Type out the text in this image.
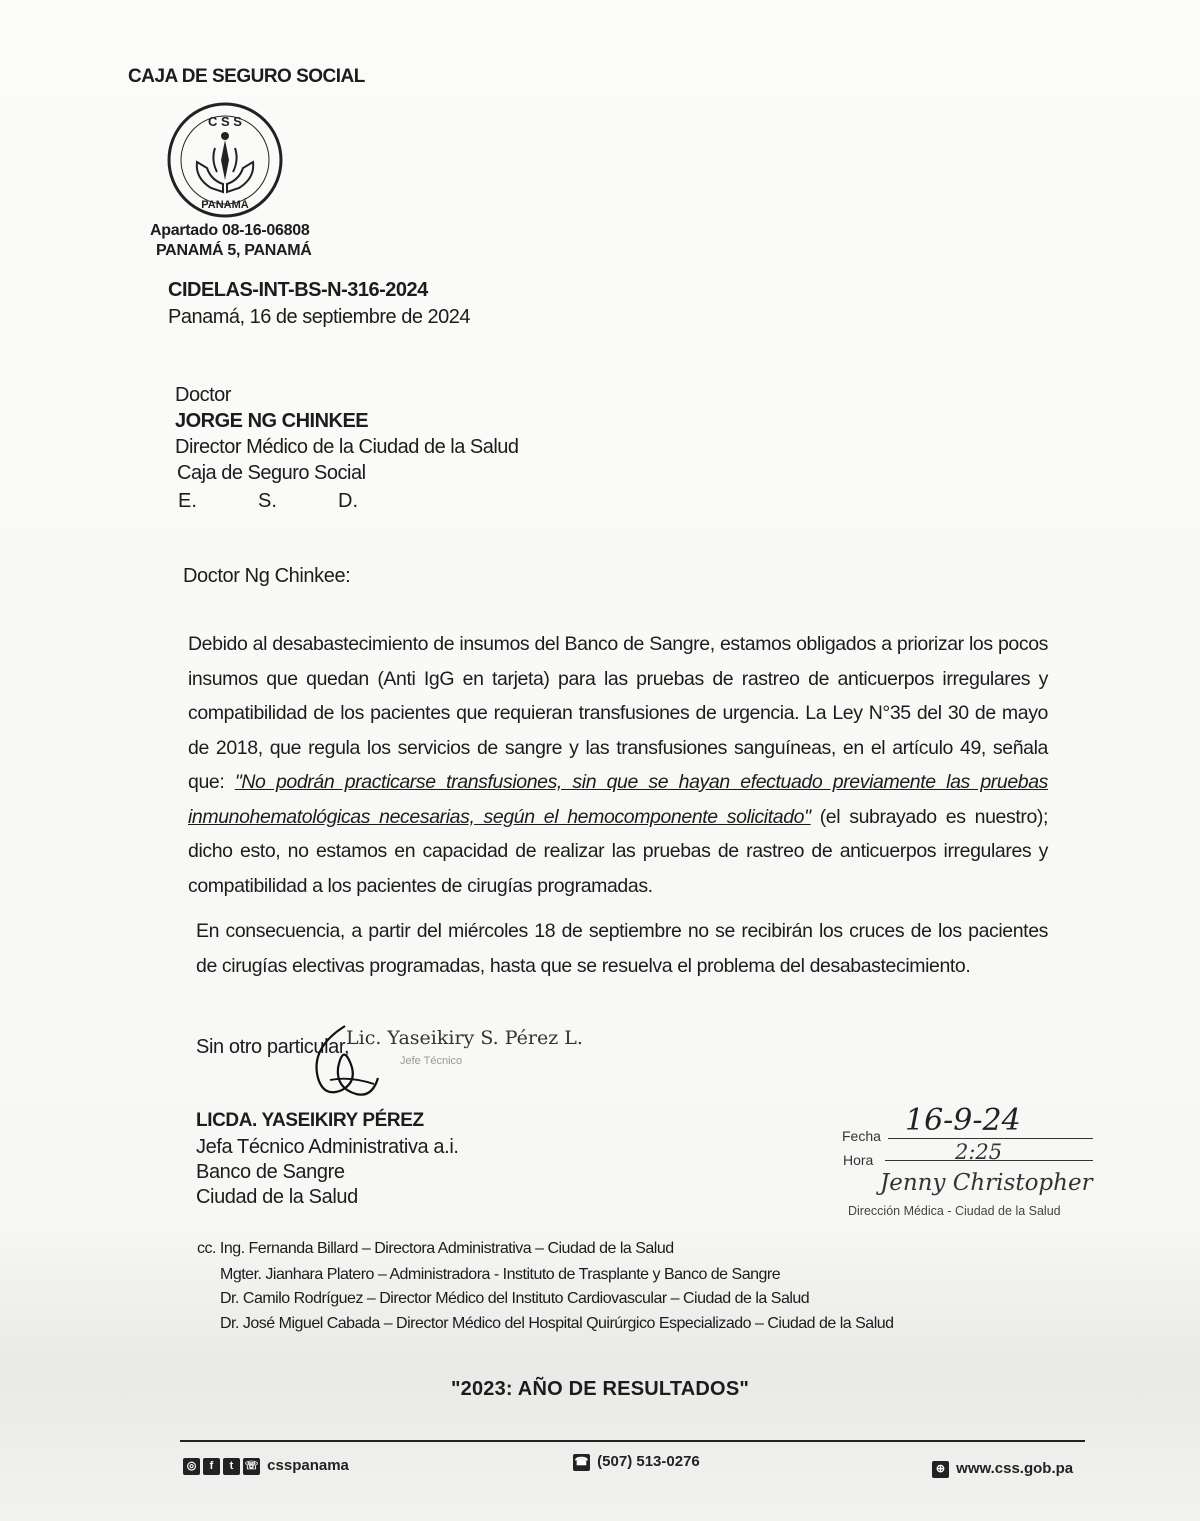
CAJA DE SEGURO SOCIAL
C S S
PANAMÁ
Apartado 08-16-06808
PANAMÁ 5, PANAMÁ
CIDELAS-INT-BS-N-316-2024
Panamá, 16 de septiembre de 2024
Doctor
JORGE NG CHINKEE
Director Médico de la Ciudad de la Salud
Caja de Seguro Social
E.	S.	D.
Doctor Ng Chinkee:
Debido al desabastecimiento de insumos del Banco de Sangre, estamos obligados a priorizar los pocos insumos que quedan (Anti IgG en tarjeta) para las pruebas de rastreo de anticuerpos irregulares y compatibilidad de los pacientes que requieran transfusiones de urgencia. La Ley N°35 del 30 de mayo de 2018, que regula los servicios de sangre y las transfusiones sanguíneas, en el artículo 49, señala que: "No podrán practicarse transfusiones, sin que se hayan efectuado previamente las pruebas inmunohematológicas necesarias, según el hemocomponente solicitado" (el subrayado es nuestro); dicho esto, no estamos en capacidad de realizar las pruebas de rastreo de anticuerpos irregulares y compatibilidad a los pacientes de cirugías programadas.
En consecuencia, a partir del miércoles 18 de septiembre no se recibirán los cruces de los pacientes de cirugías electivas programadas, hasta que se resuelva el problema del desabastecimiento.
Sin otro particular,
Lic. Yaseikiry S. Pérez L.
Jefe Técnico
LICDA. YASEIKIRY PÉREZ
Jefa Técnico Administrativa a.i.
Banco de Sangre
Ciudad de la Salud
Fecha 16-9-24
Hora	2:25
Jenny Christopher
Dirección Médica - Ciudad de la Salud
cc. Ing. Fernanda Billard – Directora Administrativa – Ciudad de la Salud
Mgter. Jianhara Platero – Administradora - Instituto de Trasplante y Banco de Sangre
Dr. Camilo Rodríguez – Director Médico del Instituto Cardiovascular – Ciudad de la Salud
Dr. José Miguel Cabada – Director Médico del Hospital Quirúrgico Especializado – Ciudad de la Salud
"2023: AÑO DE RESULTADOS"
◎ f t ☏ csspanama	☎ (507) 513-0276	⊕ www.css.gob.pa
